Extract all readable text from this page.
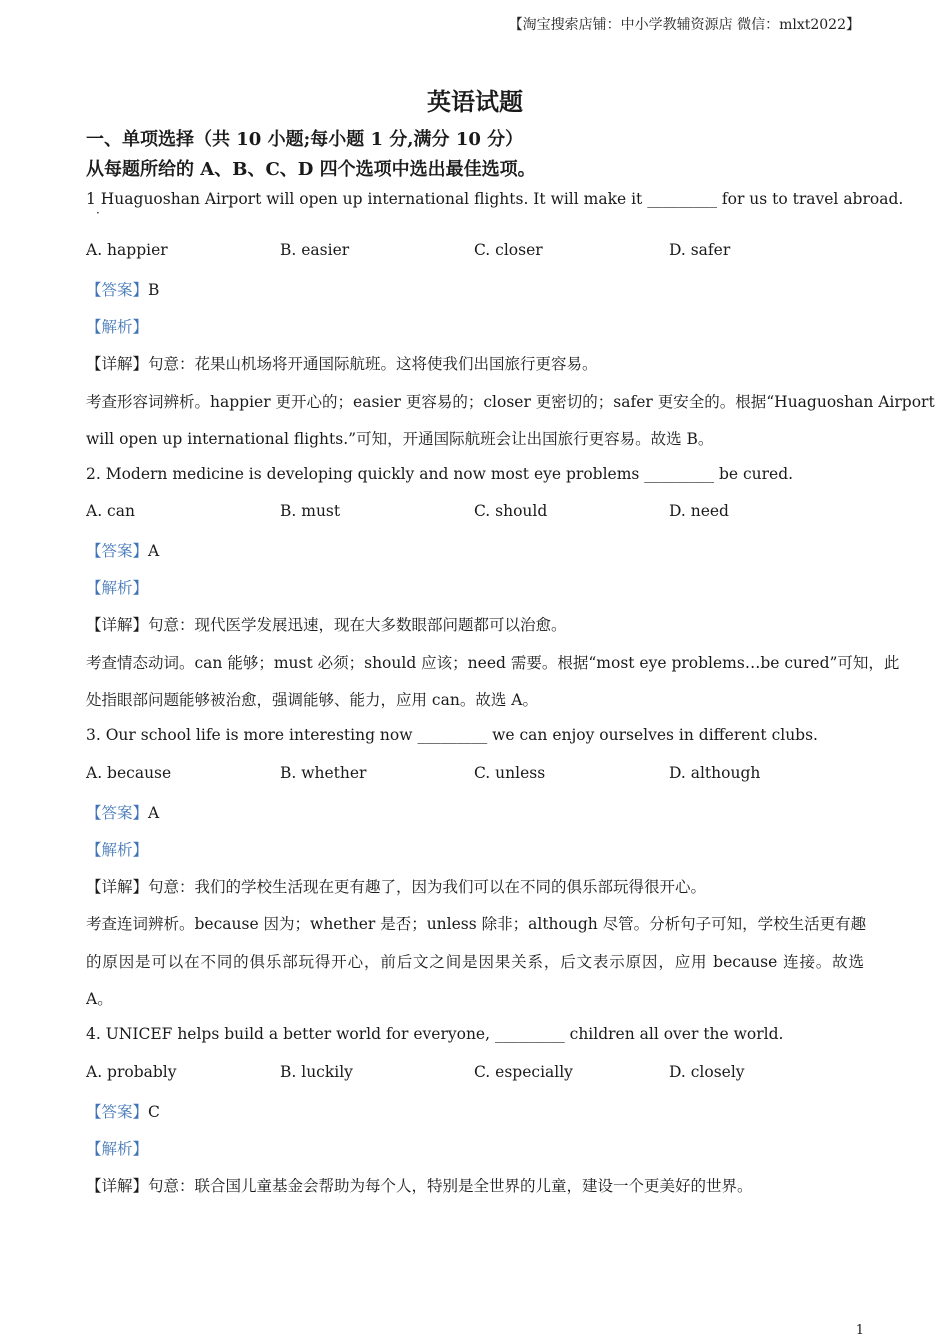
【淘宝搜索店铺：中小学教辅资源店 微信：mlxt2022】
英语试题
一、单项选择（共 10 小题;每小题 1 分,满分 10 分）
从每题所给的 A、B、C、D 四个选项中选出最佳选项。
1 Huaguoshan Airport will open up international flights. It will make it _________ for us to travel abroad.
·
A. happier	B. easier	C. closer	D. safer
【答案】B
【解析】
【详解】句意：花果山机场将开通国际航班。这将使我们出国旅行更容易。
考查形容词辨析。happier 更开心的；easier 更容易的；closer 更密切的；safer 更安全的。根据“Huaguoshan Airport
will open up international flights.”可知，开通国际航班会让出国旅行更容易。故选 B。
2. Modern medicine is developing quickly and now most eye problems _________ be cured.
A. can	B. must	C. should	D. need
【答案】A
【解析】
【详解】句意：现代医学发展迅速，现在大多数眼部问题都可以治愈。
考查情态动词。can 能够；must 必须；should 应该；need 需要。根据“most eye problems…be cured”可知，此
处指眼部问题能够被治愈，强调能够、能力，应用 can。故选 A。
3. Our school life is more interesting now _________ we can enjoy ourselves in different clubs.
A. because	B. whether	C. unless	D. although
【答案】A
【解析】
【详解】句意：我们的学校生活现在更有趣了，因为我们可以在不同的俱乐部玩得很开心。
考查连词辨析。because 因为；whether 是否；unless 除非；although 尽管。分析句子可知，学校生活更有趣
的原因是可以在不同的俱乐部玩得开心，前后文之间是因果关系，后文表示原因，应用 because 连接。故选
A。
4. UNICEF helps build a better world for everyone, _________ children all over the world.
A. probably	B. luckily	C. especially	D. closely
【答案】C
【解析】
【详解】句意：联合国儿童基金会帮助为每个人，特别是全世界的儿童，建设一个更美好的世界。
1
